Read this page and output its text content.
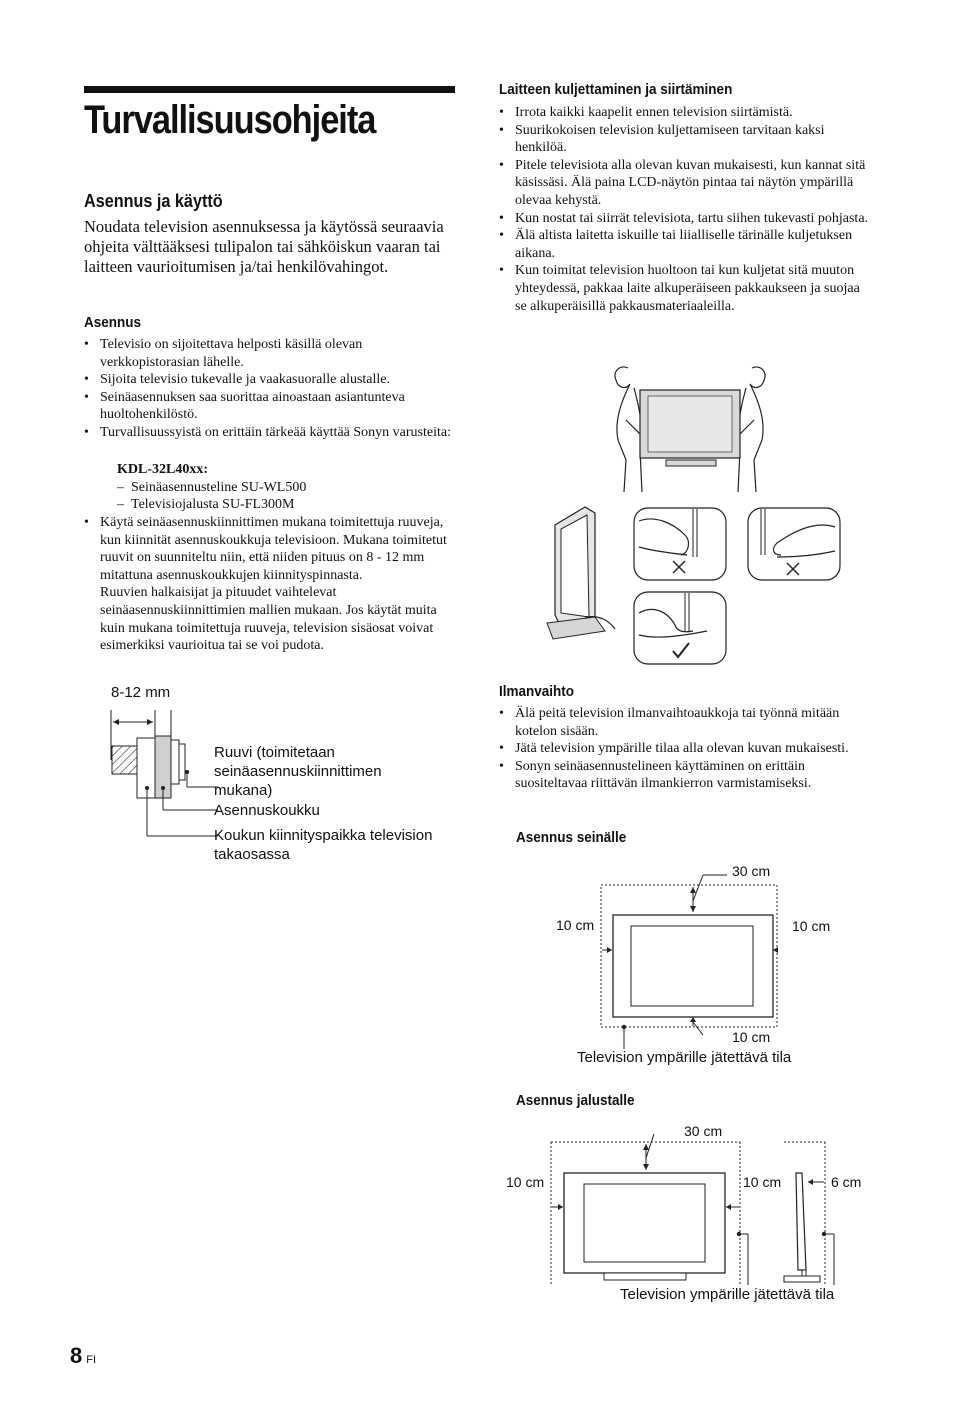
Turvallisuusohjeita
Asennus ja käyttö
Noudata television asennuksessa ja käytössä seuraavia ohjeita välttääksesi tulipalon tai sähköiskun vaaran tai laitteen vaurioitumisen ja/tai henkilövahingot.
Asennus
• Televisio on sijoitettava helposti käsillä olevan verkkopistorasian lähelle.
• Sijoita televisio tukevalle ja vaakasuoralle alustalle.
• Seinäasennuksen saa suorittaa ainoastaan asiantunteva huoltohenkilöstö.
• Turvallisuussyistä on erittäin tärkeää käyttää Sonyn varusteita:
KDL-32L40xx:
–  Seinäasennusteline SU-WL500
–  Televisiojalusta SU-FL300M
• Käytä seinäasennuskiinnittimen mukana toimitettuja ruuveja, kun kiinnität asennuskoukkuja televisioon. Mukana toimitetut ruuvit on suunniteltu niin, että niiden pituus on 8 - 12 mm mitattuna asennuskoukkujen kiinnityspinnasta.
Ruuvien halkaisijat ja pituudet vaihtelevat seinäasennuskiinnittimien mallien mukaan. Jos käytät muita kuin mukana toimitettuja ruuveja, television sisäosat voivat esimerkiksi vaurioitua tai se voi pudota.
8-12 mm
Ruuvi (toimitetaan
seinäasennuskiinnittimen
mukana)
Asennuskoukku
Koukun kiinnityspaikka television
takaosassa
Laitteen kuljettaminen ja siirtäminen
• Irrota kaikki kaapelit ennen television siirtämistä.
• Suurikokoisen television kuljettamiseen tarvitaan kaksi henkilöä.
• Pitele televisiota alla olevan kuvan mukaisesti, kun kannat sitä käsissäsi. Älä paina LCD-näytön pintaa tai näytön ympärillä olevaa kehystä.
• Kun nostat tai siirrät televisiota, tartu siihen tukevasti pohjasta.
• Älä altista laitetta iskuille tai liialliselle tärinälle kuljetuksen aikana.
• Kun toimitat television huoltoon tai kun kuljetat sitä muuton yhteydessä, pakkaa laite alkuperäiseen pakkaukseen ja suojaa se alkuperäisillä pakkausmateriaaleilla.
Ilmanvaihto
• Älä peitä television ilmanvaihtoaukkoja tai työnnä mitään kotelon sisään.
• Jätä television ympärille tilaa alla olevan kuvan mukaisesti.
• Sonyn seinäasennustelineen käyttäminen on erittäin suositeltavaa riittävän ilmankierron varmistamiseksi.
Asennus seinälle
30 cm
10 cm	10 cm
10 cm
Television ympärille jätettävä tila
Asennus jalustalle
30 cm
10 cm	10 cm	6 cm
Television ympärille jätettävä tila
8 FI
